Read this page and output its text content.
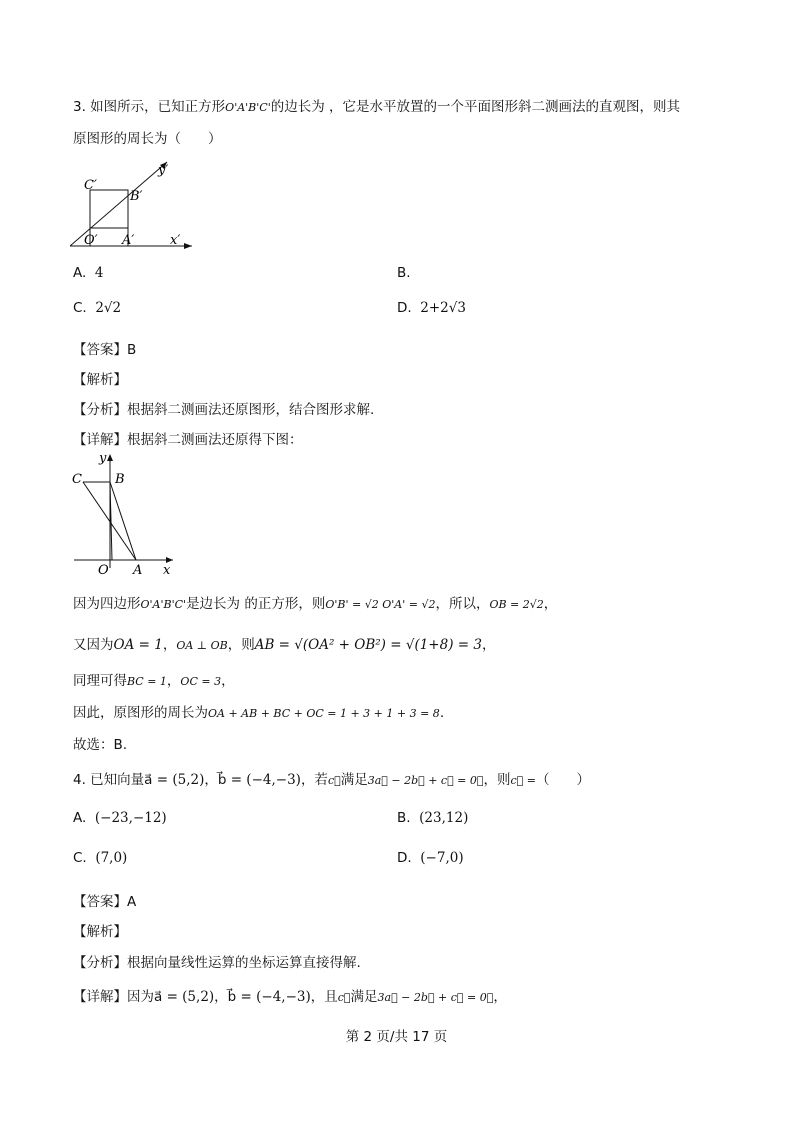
3. 如图所示，已知正方形O'A'B'C'的边长为 ，它是水平放置的一个平面图形斜二测画法的直观图，则其
原图形的周长为（　　）
C′
B′
O′ A′	x′
y′
A. 4	B.
C. 2√2	D. 2+2√3
【答案】B
【解析】
【分析】根据斜二测画法还原图形，结合图形求解.
【详解】根据斜二测画法还原得下图：
C	B
O A x
y
因为四边形O'A'B'C'是边长为 的正方形，则O'B' = √2 O'A' = √2，所以，OB = 2√2，
又因为OA = 1，OA ⊥ OB，则AB = √(OA² + OB²) = √(1+8) = 3，
同理可得BC = 1，OC = 3，
因此，原图形的周长为OA + AB + BC + OC = 1 + 3 + 1 + 3 = 8.
故选：B.
4. 已知向量a⃗ = (5,2)，b⃗ = (−4,−3)，若c⃗满足3a⃗ − 2b⃗ + c⃗ = 0⃗，则c⃗ =（　　）
A. (−23,−12)	B. (23,12)
C. (7,0)	D. (−7,0)
【答案】A
【解析】
【分析】根据向量线性运算的坐标运算直接得解.
【详解】因为a⃗ = (5,2)，b⃗ = (−4,−3)，且c⃗满足3a⃗ − 2b⃗ + c⃗ = 0⃗，
第 2 页/共 17 页
